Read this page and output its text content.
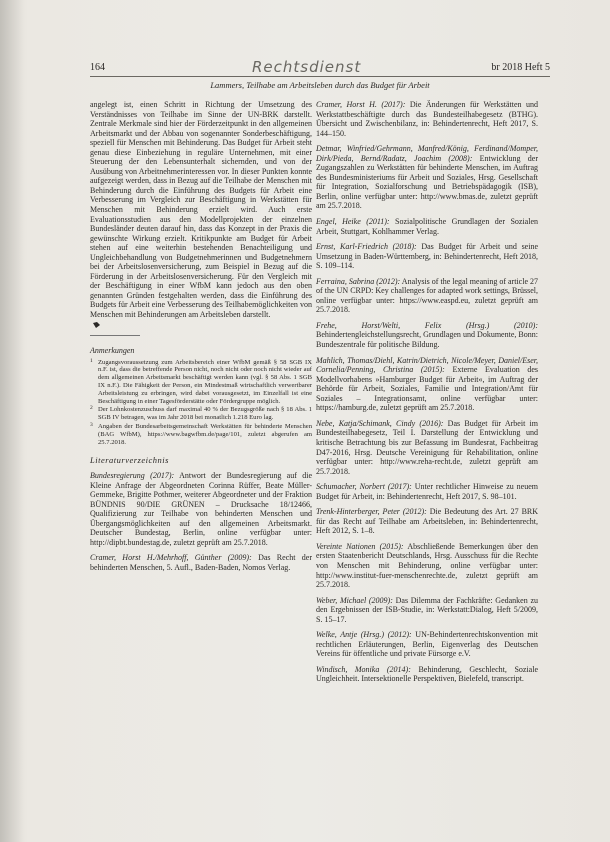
164	Rechtsdienst	br 2018 Heft 5
Lammers, Teilhabe am Arbeitsleben durch das Budget für Arbeit

angelegt ist, einen Schritt in Richtung der Umsetzung des Verständnisses von Teilhabe im Sinne der UN-BRK darstellt. Zentrale Merkmale sind hier der Förderzeitpunkt in den allgemeinen Arbeitsmarkt und der Abbau von sogenannter Sonderbeschäftigung, speziell für Menschen mit Behinderung. Das Budget für Arbeit steht genau diese Einbeziehung in reguläre Unternehmen, mit einer Steuerung der den Lebensunterhalt sichernden, und von der Ausübung von Arbeitnehmerinteressen vor. In dieser Punkten konnte aufgezeigt werden, dass in Bezug auf die Teilhabe der Menschen mit Behinderung durch die Einführung des Budgets für Arbeit eine Verbesserung im Vergleich zur Beschäftigung in Werkstätten für Menschen mit Behinderung erzielt wird. Auch erste Evaluationsstudien aus den Modellprojekten der einzelnen Bundesländer deuten darauf hin, dass das Konzept in der Praxis die gewünschte Wirkung erzielt. Kritikpunkte am Budget für Arbeit stehen auf eine weiterhin bestehenden Benachteiligung und Ungleichbehandlung von Budgetnehmerinnen und Budgetnehmern bei der Arbeitslosenversicherung, zum Beispiel in Bezug auf die Förderung in der Arbeitslosenversicherung. Für den Vergleich mit der Beschäftigung in einer WfbM kann jedoch aus den oben genannten Gründen festgehalten werden, dass die Einführung des Budgets für Arbeit eine Verbesserung des Teilhabemöglichkeiten von Menschen mit Behinderungen am Arbeitsleben darstellt.

Anmerkungen
1 Zugangsvoraussetzung zum Arbeitsbereich einer WfbM gemäß § 58 SGB IX n.F. ist, dass die betreffende Person nicht, noch nicht oder noch nicht wieder auf dem allgemeinen Arbeitsmarkt beschäftigt werden kann (vgl. § 58 Abs. 1 SGB IX n.F.). Die Fähigkeit der Person, ein Mindestmaß wirtschaftlich verwertbarer Arbeitsleistung zu erbringen, wird dabei vorausgesetzt, im Einzelfall ist eine Beschäftigung in einer Tagesförderstätte oder Fördergruppe möglich.
2 Der Lohnkostenzuschuss darf maximal 40 % der Bezugsgröße nach § 18 Abs. 1 SGB IV betragen, was im Jahr 2018 bei monatlich 1.218 Euro lag.
3 Angaben der Bundesarbeitsgemeinschaft Werkstätten für behinderte Menschen (BAG WfbM), https://www.bagwfbm.de/page/101, zuletzt abgerufen am 25.7.2018.
Literaturverzeichnis
Bundesregierung (2017): Antwort der Bundesregierung auf die Kleine Anfrage der Abgeordneten Corinna Rüffer, Beate Müller-Gemmeke, Brigitte Pothmer, weiterer Abgeordneter und der Fraktion BÜNDNIS 90/DIE GRÜNEN – Drucksache 18/12466, Qualifizierung zur Teilhabe von behinderten Menschen und Übergangsmöglichkeiten auf den allgemeinen Arbeitsmarkt. Deutscher Bundestag, Berlin, online verfügbar unter: http://dipbt.bundestag.de, zuletzt geprüft am 25.7.2018.
Cramer, Horst H./Mehrhoff, Günther (2009): Das Recht der behinderten Menschen, 5. Aufl., Baden-Baden, Nomos Verlag.
Cramer, Horst H. (2017): Die Änderungen für Werkstätten und Werkstattbeschäftigte durch das Bundesteilhabegesetz (BTHG). Übersicht und Zwischenbilanz, in: Behindertenrecht, Heft 2017, S. 144–150.
Detmar, Winfried/Gehrmann, Manfred/König, Ferdinand/Momper, Dirk/Pieda, Bernd/Radatz, Joachim (2008): Entwicklung der Zugangszahlen zu Werkstätten für behinderte Menschen, im Auftrag des Bundesministeriums für Arbeit und Soziales, Hrsg. Gesellschaft für Integration, Sozialforschung und Betriebspädagogik (ISB), Berlin, online verfügbar unter: http://www.bmas.de, zuletzt geprüft am 25.7.2018.
Engel, Heike (2011): Sozialpolitische Grundlagen der Sozialen Arbeit, Stuttgart, Kohlhammer Verlag.
Ernst, Karl-Friedrich (2018): Das Budget für Arbeit und seine Umsetzung in Baden-Württemberg, in: Behindertenrecht, Heft 2018, S. 109–114.
Ferraina, Sabrina (2012): Analysis of the legal meaning of article 27 of the UN CRPD: Key challenges for adapted work settings, Brüssel, online verfügbar unter: https://www.easpd.eu, zuletzt geprüft am 25.7.2018.
Frehe, Horst/Welti, Felix (Hrsg.) (2010): Behindertengleichstellungsrecht, Grundlagen und Dokumente, Bonn: Bundeszentrale für politische Bildung.
Mahlich, Thomas/Diehl, Katrin/Dietrich, Nicole/Meyer, Daniel/Eser, Cornelia/Penning, Christina (2015): Externe Evaluation des Modellvorhabens »Hamburger Budget für Arbeit«, im Auftrag der Behörde für Arbeit, Soziales, Familie und Integration/Amt für Soziales – Integrationsamt, online verfügbar unter: https://hamburg.de, zuletzt geprüft am 25.7.2018.
Nebe, Katja/Schimank, Cindy (2016): Das Budget für Arbeit im Bundesteilhabegesetz, Teil I. Darstellung der Entwicklung und kritische Betrachtung bis zur Befassung im Bundesrat, Fachbeitrag D47-2016, Hrsg. Deutsche Vereinigung für Rehabilitation, online verfügbar unter: http://www.reha-recht.de, zuletzt geprüft am 25.7.2018.
Schumacher, Norbert (2017): Unter rechtlicher Hinweise zu neuem Budget für Arbeit, in: Behindertenrecht, Heft 2017, S. 98–101.
Trenk-Hinterberger, Peter (2012): Die Bedeutung des Art. 27 BRK für das Recht auf Teilhabe am Arbeitsleben, in: Behindertenrecht, Heft 2012, S. 1–8.
Vereinte Nationen (2015): Abschließende Bemerkungen über den ersten Staatenbericht Deutschlands, Hrsg. Ausschuss für die Rechte von Menschen mit Behinderung, online verfügbar unter: http://www.institut-fuer-menschenrechte.de, zuletzt geprüft am 25.7.2018.
Weber, Michael (2009): Das Dilemma der Fachkräfte: Gedanken zu den Ergebnissen der ISB-Studie, in: Werkstatt:Dialog, Heft 5/2009, S. 15–17.
Welke, Antje (Hrsg.) (2012): UN-Behindertenrechtskonvention mit rechtlichen Erläuterungen, Berlin, Eigenverlag des Deutschen Vereins für öffentliche und private Fürsorge e.V.
Windisch, Monika (2014): Behinderung, Geschlecht, Soziale Ungleichheit. Intersektionelle Perspektiven, Bielefeld, transcript.
